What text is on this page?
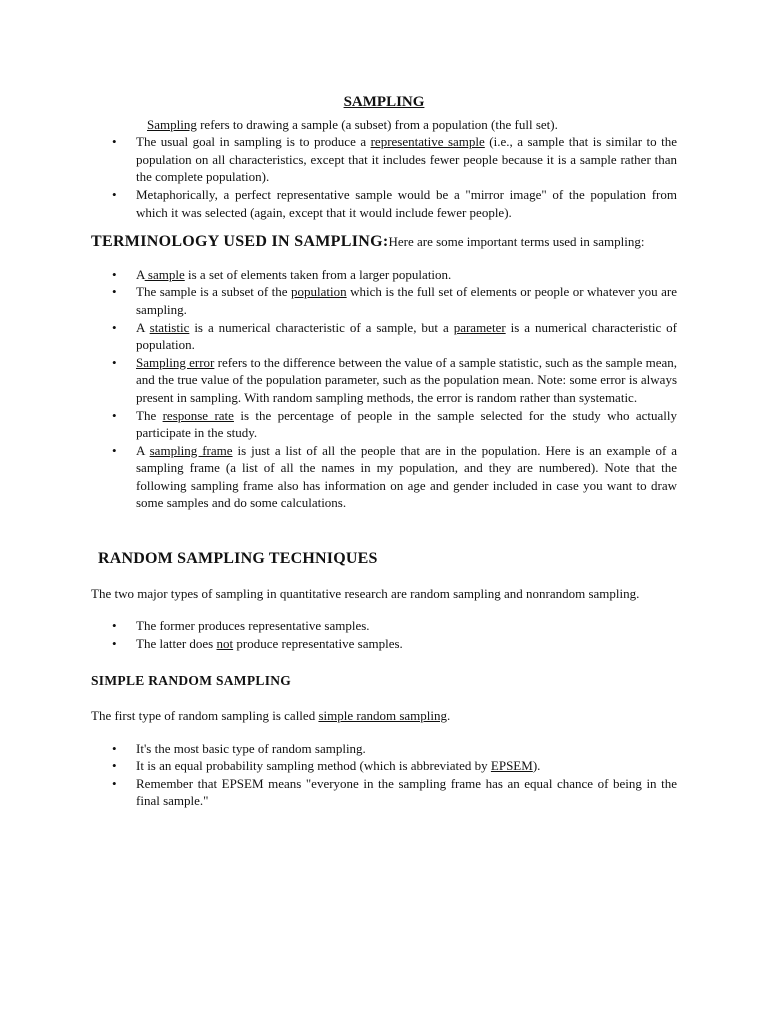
SAMPLING

Sampling refers to drawing a sample (a subset) from a population (the full set).

• The usual goal in sampling is to produce a representative sample (i.e., a sample that is similar to the population on all characteristics, except that it includes fewer people because it is a sample rather than the complete population).
• Metaphorically, a perfect representative sample would be a "mirror image" of the population from which it was selected (again, except that it would include fewer people).

TERMINOLOGY USED IN SAMPLING:Here are some important terms used in sampling:

• A sample is a set of elements taken from a larger population.
• The sample is a subset of the population which is the full set of elements or people or whatever you are sampling.
• A statistic is a numerical characteristic of a sample, but a parameter is a numerical characteristic of population.
• Sampling error refers to the difference between the value of a sample statistic, such as the sample mean, and the true value of the population parameter, such as the population mean. Note: some error is always present in sampling. With random sampling methods, the error is random rather than systematic.
• The response rate is the percentage of people in the sample selected for the study who actually participate in the study.
• A sampling frame is just a list of all the people that are in the population. Here is an example of a sampling frame (a list of all the names in my population, and they are numbered). Note that the following sampling frame also has information on age and gender included in case you want to draw some samples and do some calculations.
RANDOM SAMPLING TECHNIQUES

The two major types of sampling in quantitative research are random sampling and nonrandom sampling.

• The former produces representative samples.
• The latter does not produce representative samples.
SIMPLE RANDOM SAMPLING

The first type of random sampling is called simple random sampling.

• It's the most basic type of random sampling.
• It is an equal probability sampling method (which is abbreviated by EPSEM).
• Remember that EPSEM means "everyone in the sampling frame has an equal chance of being in the final sample."
